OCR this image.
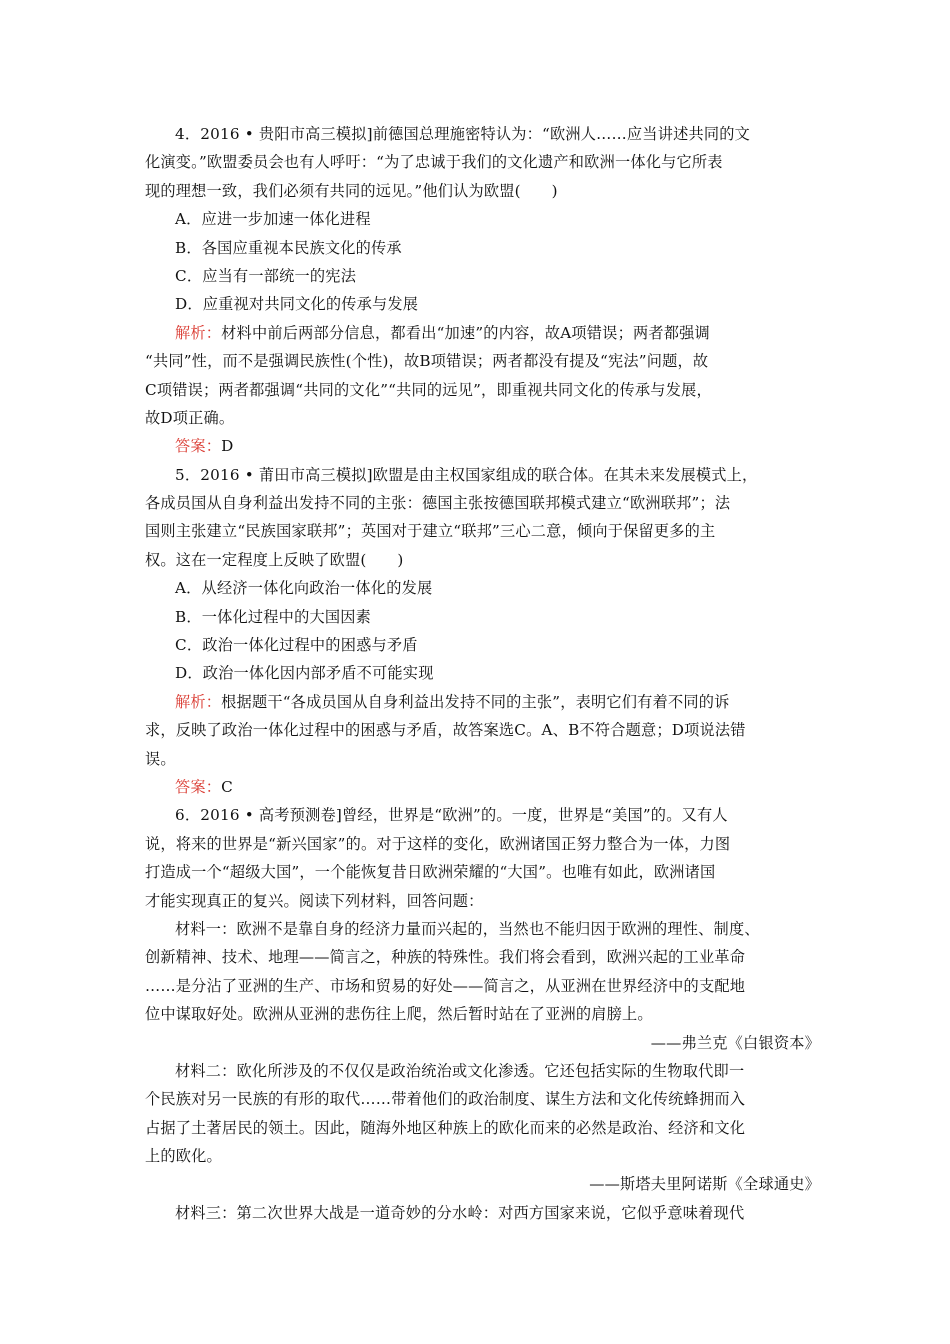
4．2016 • 贵阳市高三模拟]前德国总理施密特认为：“欧洲人……应当讲述共同的文
化演变。”欧盟委员会也有人呼吁：“为了忠诚于我们的文化遗产和欧洲一体化与它所表
现的理想一致，我们必须有共同的远见。”他们认为欧盟(　　)
A．应进一步加速一体化进程
B．各国应重视本民族文化的传承
C．应当有一部统一的宪法
D．应重视对共同文化的传承与发展
解析：材料中前后两部分信息，都看出“加速”的内容，故A项错误；两者都强调
“共同”性，而不是强调民族性(个性)，故B项错误；两者都没有提及“宪法”问题，故
C项错误；两者都强调“共同的文化”“共同的远见”，即重视共同文化的传承与发展，
故D项正确。
答案：D
5．2016 • 莆田市高三模拟]欧盟是由主权国家组成的联合体。在其未来发展模式上，
各成员国从自身利益出发持不同的主张：德国主张按德国联邦模式建立“欧洲联邦”；法
国则主张建立“民族国家联邦”；英国对于建立“联邦”三心二意，倾向于保留更多的主
权。这在一定程度上反映了欧盟(　　)
A．从经济一体化向政治一体化的发展
B．一体化过程中的大国因素
C．政治一体化过程中的困惑与矛盾
D．政治一体化因内部矛盾不可能实现
解析：根据题干“各成员国从自身利益出发持不同的主张”，表明它们有着不同的诉
求，反映了政治一体化过程中的困惑与矛盾，故答案选C。A、B不符合题意；D项说法错
误。
答案：C
6．2016 • 高考预测卷]曾经，世界是“欧洲”的。一度，世界是“美国”的。又有人
说，将来的世界是“新兴国家”的。对于这样的变化，欧洲诸国正努力整合为一体，力图
打造成一个“超级大国”，一个能恢复昔日欧洲荣耀的“大国”。也唯有如此，欧洲诸国
才能实现真正的复兴。阅读下列材料，回答问题：
材料一：欧洲不是靠自身的经济力量而兴起的，当然也不能归因于欧洲的理性、制度、
创新精神、技术、地理——简言之，种族的特殊性。我们将会看到，欧洲兴起的工业革命
……是分沾了亚洲的生产、市场和贸易的好处——简言之，从亚洲在世界经济中的支配地
位中谋取好处。欧洲从亚洲的悲伤往上爬，然后暂时站在了亚洲的肩膀上。
——弗兰克《白银资本》
材料二：欧化所涉及的不仅仅是政治统治或文化渗透。它还包括实际的生物取代即一
个民族对另一民族的有形的取代……带着他们的政治制度、谋生方法和文化传统蜂拥而入
占据了土著居民的领土。因此，随海外地区种族上的欧化而来的必然是政治、经济和文化
上的欧化。
——斯塔夫里阿诺斯《全球通史》
材料三：第二次世界大战是一道奇妙的分水岭：对西方国家来说，它似乎意味着现代
